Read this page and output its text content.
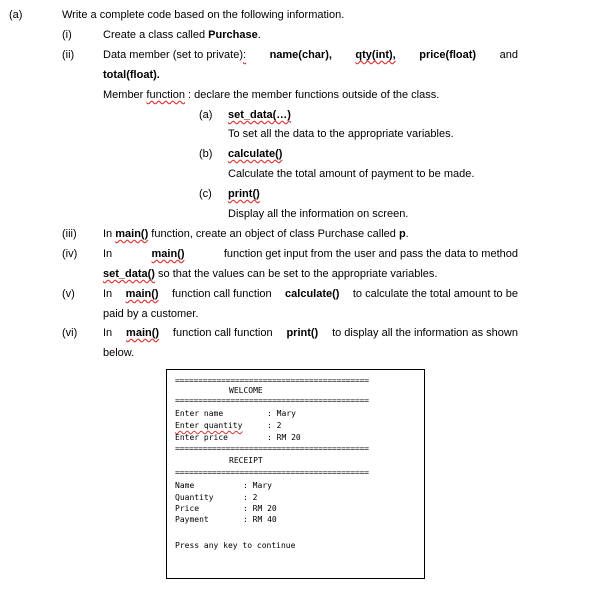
(a)	Write a complete code based on the following information.
(i)	Create a class called Purchase.
(ii)	Data member (set to private): name(char), qty(int), price(float) and
total(float).
Member function : declare the member functions outside of the class.
(a) set_data(…)
To set all the data to the appropriate variables.
(b) calculate()
Calculate the total amount of payment to be made.
(c) print()
Display all the information on screen.
(iii) In main() function, create an object of class Purchase called p.
(iv) In	main()	function get input from the user and pass the data to method
set_data() so that the values can be set to the appropriate variables.
(v)	In main() function call function calculate() to calculate the total amount to be
paid by a customer.
(vi) In main() function call function print() to display all the information as shown
below.
==========================================
WELCOME
==========================================
Enter name	: Mary
Enter quantity	: 2
Enter price	: RM 20
==========================================
RECEIPT
==========================================
Name	: Mary
Quantity	: 2
Price	: RM 20
Payment	: RM 40
Press any key to continue
